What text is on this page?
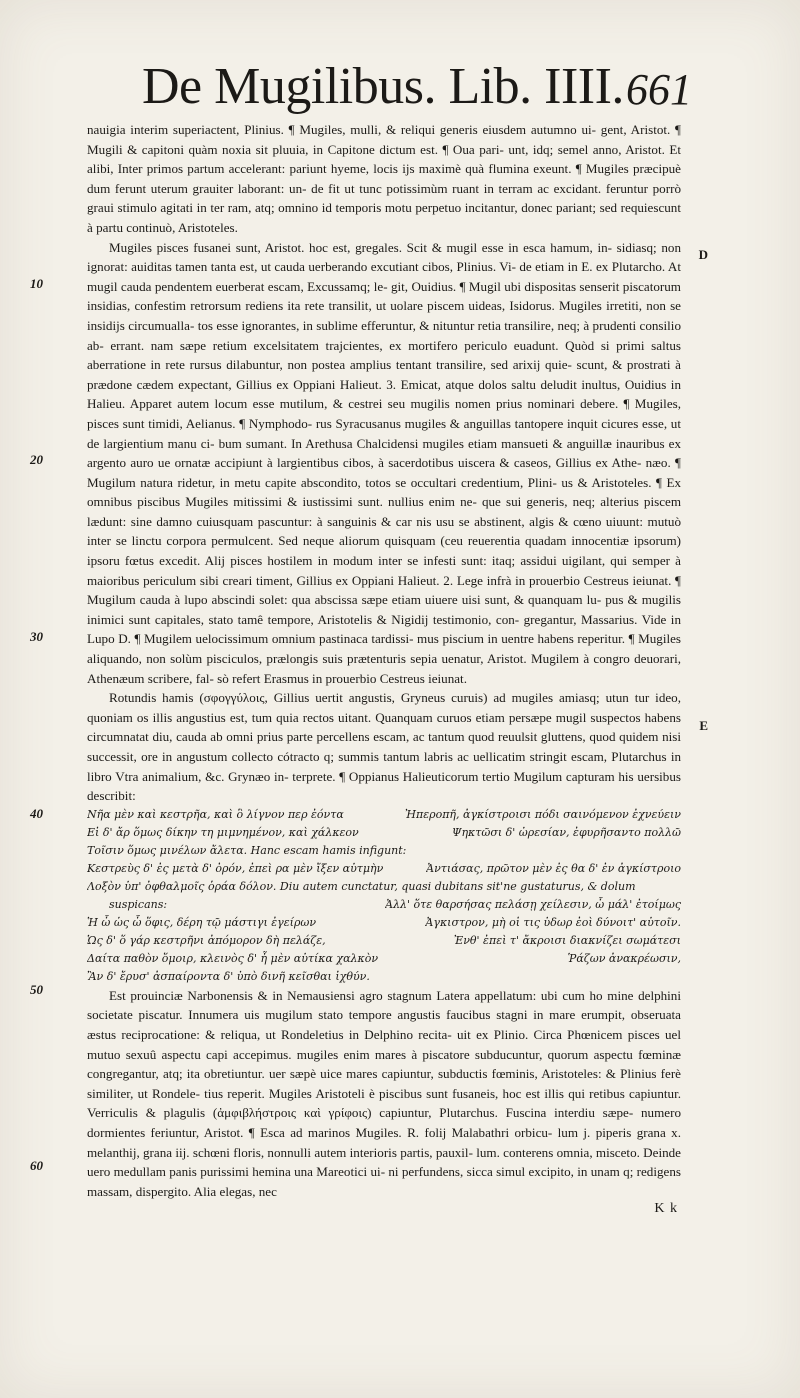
De Mugilibus. Lib. IIII. 661
10
20
30
40
50
60
D
E

nauigia interim superiactent, Plinius. ¶ Mugiles, mulli, & reliqui generis eiusdem autumno ui- gent, Aristot. ¶ Mugili & capitoni quàm noxia sit pluuia, in Capitone dictum est. ¶ Oua pari- unt, idq; semel anno, Aristot. Et alibi, Inter primos partum accelerant: pariunt hyeme, locis ijs maximè quà flumina exeunt. ¶ Mugiles præcipuè dum ferunt uterum grauiter laborant: un- de fit ut tunc potissimùm ruant in terram ac excidant. feruntur porrò graui stimulo agitati in ter ram, atq; omnino id temporis motu perpetuo incitantur, donec pariant; sed requiescunt à partu continuò, Aristoteles.

Mugiles pisces fusanei sunt, Aristot. hoc est, gregales. Scit & mugil esse in esca hamum, in- sidiasq; non ignorat: auiditas tamen tanta est, ut cauda uerberando excutiant cibos, Plinius. Vi- de etiam in E. ex Plutarcho. At mugil cauda pendentem euerberat escam, Excussamq; le- git, Ouidius. ¶ Mugil ubi dispositas senserit piscatorum insidias, confestim retrorsum rediens ita rete transilit, ut uolare piscem uideas, Isidorus. Mugiles irretiti, non se insidijs circumualla- tos esse ignorantes, in sublime efferuntur, & nituntur retia transilire, neq; à prudenti consilio ab- errant. nam sæpe retium excelsitatem trajcientes, ex mortifero periculo euadunt. Quòd si primi saltus aberratione in rete rursus dilabuntur, non postea amplius tentant transilire, sed arixij quie- scunt, & prostrati à prædone cædem expectant, Gillius ex Oppiani Halieut. 3. Emicat, atque dolos saltu deludit inultus, Ouidius in Halieu. Apparet autem locum esse mutilum, & cestrei seu mugilis nomen prius nominari debere. ¶ Mugiles, pisces sunt timidi, Aelianus. ¶ Nymphodo- rus Syracusanus mugiles & anguillas tantopere inquit cicures esse, ut de largientium manu ci- bum sumant. In Arethusa Chalcidensi mugiles etiam mansueti & anguillæ inauribus ex argento auro ue ornatæ accipiunt à largientibus cibos, à sacerdotibus uiscera & caseos, Gillius ex Athe- næo. ¶ Mugilum natura ridetur, in metu capite abscondito, totos se occultari credentium, Plini- us & Aristoteles. ¶ Ex omnibus piscibus Mugiles mitissimi & iustissimi sunt. nullius enim ne- que sui generis, neq; alterius piscem lædunt: sine damno cuiusquam pascuntur: à sanguinis & car nis usu se abstinent, algis & cœno uiuunt: mutuò inter se linctu corpora permulcent. Sed neque aliorum quisquam (ceu reuerentia quadam innocentiæ ipsorum) ipsoru fœtus excedit. Alij pisces hostilem in modum inter se infesti sunt: itaq; assidui uigilant, qui semper à maioribus periculum sibi creari timent, Gillius ex Oppiani Halieut. 2. Lege infrà in prouerbio Cestreus ieiunat. ¶ Mugilum cauda à lupo abscindi solet: qua abscissa sæpe etiam uiuere uisi sunt, & quanquam lu- pus & mugilis inimici sunt capitales, stato tamê tempore, Aristotelis & Nigidij testimonio, con- gregantur, Massarius. Vide in Lupo D. ¶ Mugilem uelocissimum omnium pastinaca tardissi- mus piscium in uentre habens reperitur. ¶ Mugiles aliquando, non solùm pisciculos, prælongis suis prætenturis sepia uenatur, Aristot. Mugilem à congro deuorari, Athenæum scribere, fal- sò refert Erasmus in prouerbio Cestreus ieiunat.

Rotundis hamis (σφογγύλοις, Gillius uertit angustis, Gryneus curuis) ad mugiles amiasq; utun tur ideo, quoniam os illis angustius est, tum quia rectos uitant. Quanquam curuos etiam persæpe mugil suspectos habens circumnatat diu, cauda ab omni prius parte percellens escam, ac tantum quod reuulsit gluttens, quod quidem nisi successit, ore in angustum collecto cótracto q; summis tantum labris ac uellicatim stringit escam, Plutarchus in libro Vtra animalium, &c. Grynæo in- terprete. ¶ Oppianus Halieuticorum tertio Mugilum capturam his uersibus describit:

Νῆα μὲν καὶ κεστρῆα, καὶ ὃ λίγνον περ ἐόντα	Ἠπεροπῆ, ἀγκίστροισι πόδι σαινόμενον ἐχνεύειν
Εἰ δ' ἄρ ὅμως δίκην τη μιμνημένον, καὶ χάλκεον	Ψηκτῶσι δ' ὠρεσίαν, ἐφυρῆσαντο πολλῶ
Τοῖσιν ὅμως μινέλων ἄλετα. Hanc escam hamis infigunt:
Κεστρεὺς δ' ἐς μετὰ δ' ὀρόν, ἐπεὶ ρα μὲν ἴξεν αὐτμὴν	Ἀντιάσας, πρῶτον μὲν ἐς θα δ' ἐν ἀγκίστροιο
Λοξὸν ὑπ' ὀφθαλμοῖς ὁράα δόλον. Diu autem cunctatur, quasi dubitans sit'ne gustaturus, & dolum
suspicans:	Ἀλλ' ὅτε θαρσήσας πελάσῃ χείλεσιν, ὦ μάλ' ἐτοίμως
Ἡ ὦ ὡς ὧ ὅφις, δέρη τῷ μάστιγι ἐγείρων	Ἀγκιστρον, μὴ οἱ τις ὑδωρ ἐοὶ δύνοιτ' αὐτοῖν.
Ὡς δ' ὅ γάρ κεστρῆνι ἀπόμορον δὴ πελάζε,	Ἐνθ' ἐπεὶ τ' ἄκροισι διακνίζει σωμάτεσι
Δαίτα παθὸν ὅμοιρ, κλεινὸς δ' ἦ μὲν αὐτίκα χαλκὸν	Ῥάζων ἀνακρέωσιν,
Ἂν δ' ἔρυσ' ἀσπαίροντα δ' ὑπὸ δινῆ κεῖσθαι ἰχθύν.

Est prouinciæ Narbonensis & in Nemausiensi agro stagnum Latera appellatum: ubi cum ho mine delphini societate piscatur. Innumera uis mugilum stato tempore angustis faucibus stagni in mare erumpit, obseruata æstus reciprocatione: & reliqua, ut Rondeletius in Delphino recita- uit ex Plinio. Circa Phœnicem pisces uel mutuo sexuû aspectu capi accepimus. mugiles enim mares à piscatore subducuntur, quorum aspectu fœminæ congregantur, atq; ita obretiuntur. uer sæpè uice mares capiuntur, subductis fœminis, Aristoteles: & Plinius ferè similiter, ut Rondele- tius reperit. Mugiles Aristoteli è piscibus sunt fusaneis, hoc est illis qui retibus capiuntur. Verriculis & plagulis (ἀμφιβλήστροις καὶ γρίφοις) capiuntur, Plutarchus. Fuscina interdiu sæpe- numero dormientes feriuntur, Aristot. ¶ Esca ad marinos Mugiles. R. folij Malabathri orbicu- lum j. piperis grana x. melanthij, grana iij. schœni floris, nonnulli autem interioris partis, pauxil- lum. conterens omnia, misceto. Deinde uero medullam panis purissimi hemina una Mareotici ui- ni perfundens, sicca simul excipito, in unam q; redigens massam, dispergito. Alia elegas, nec

K k
